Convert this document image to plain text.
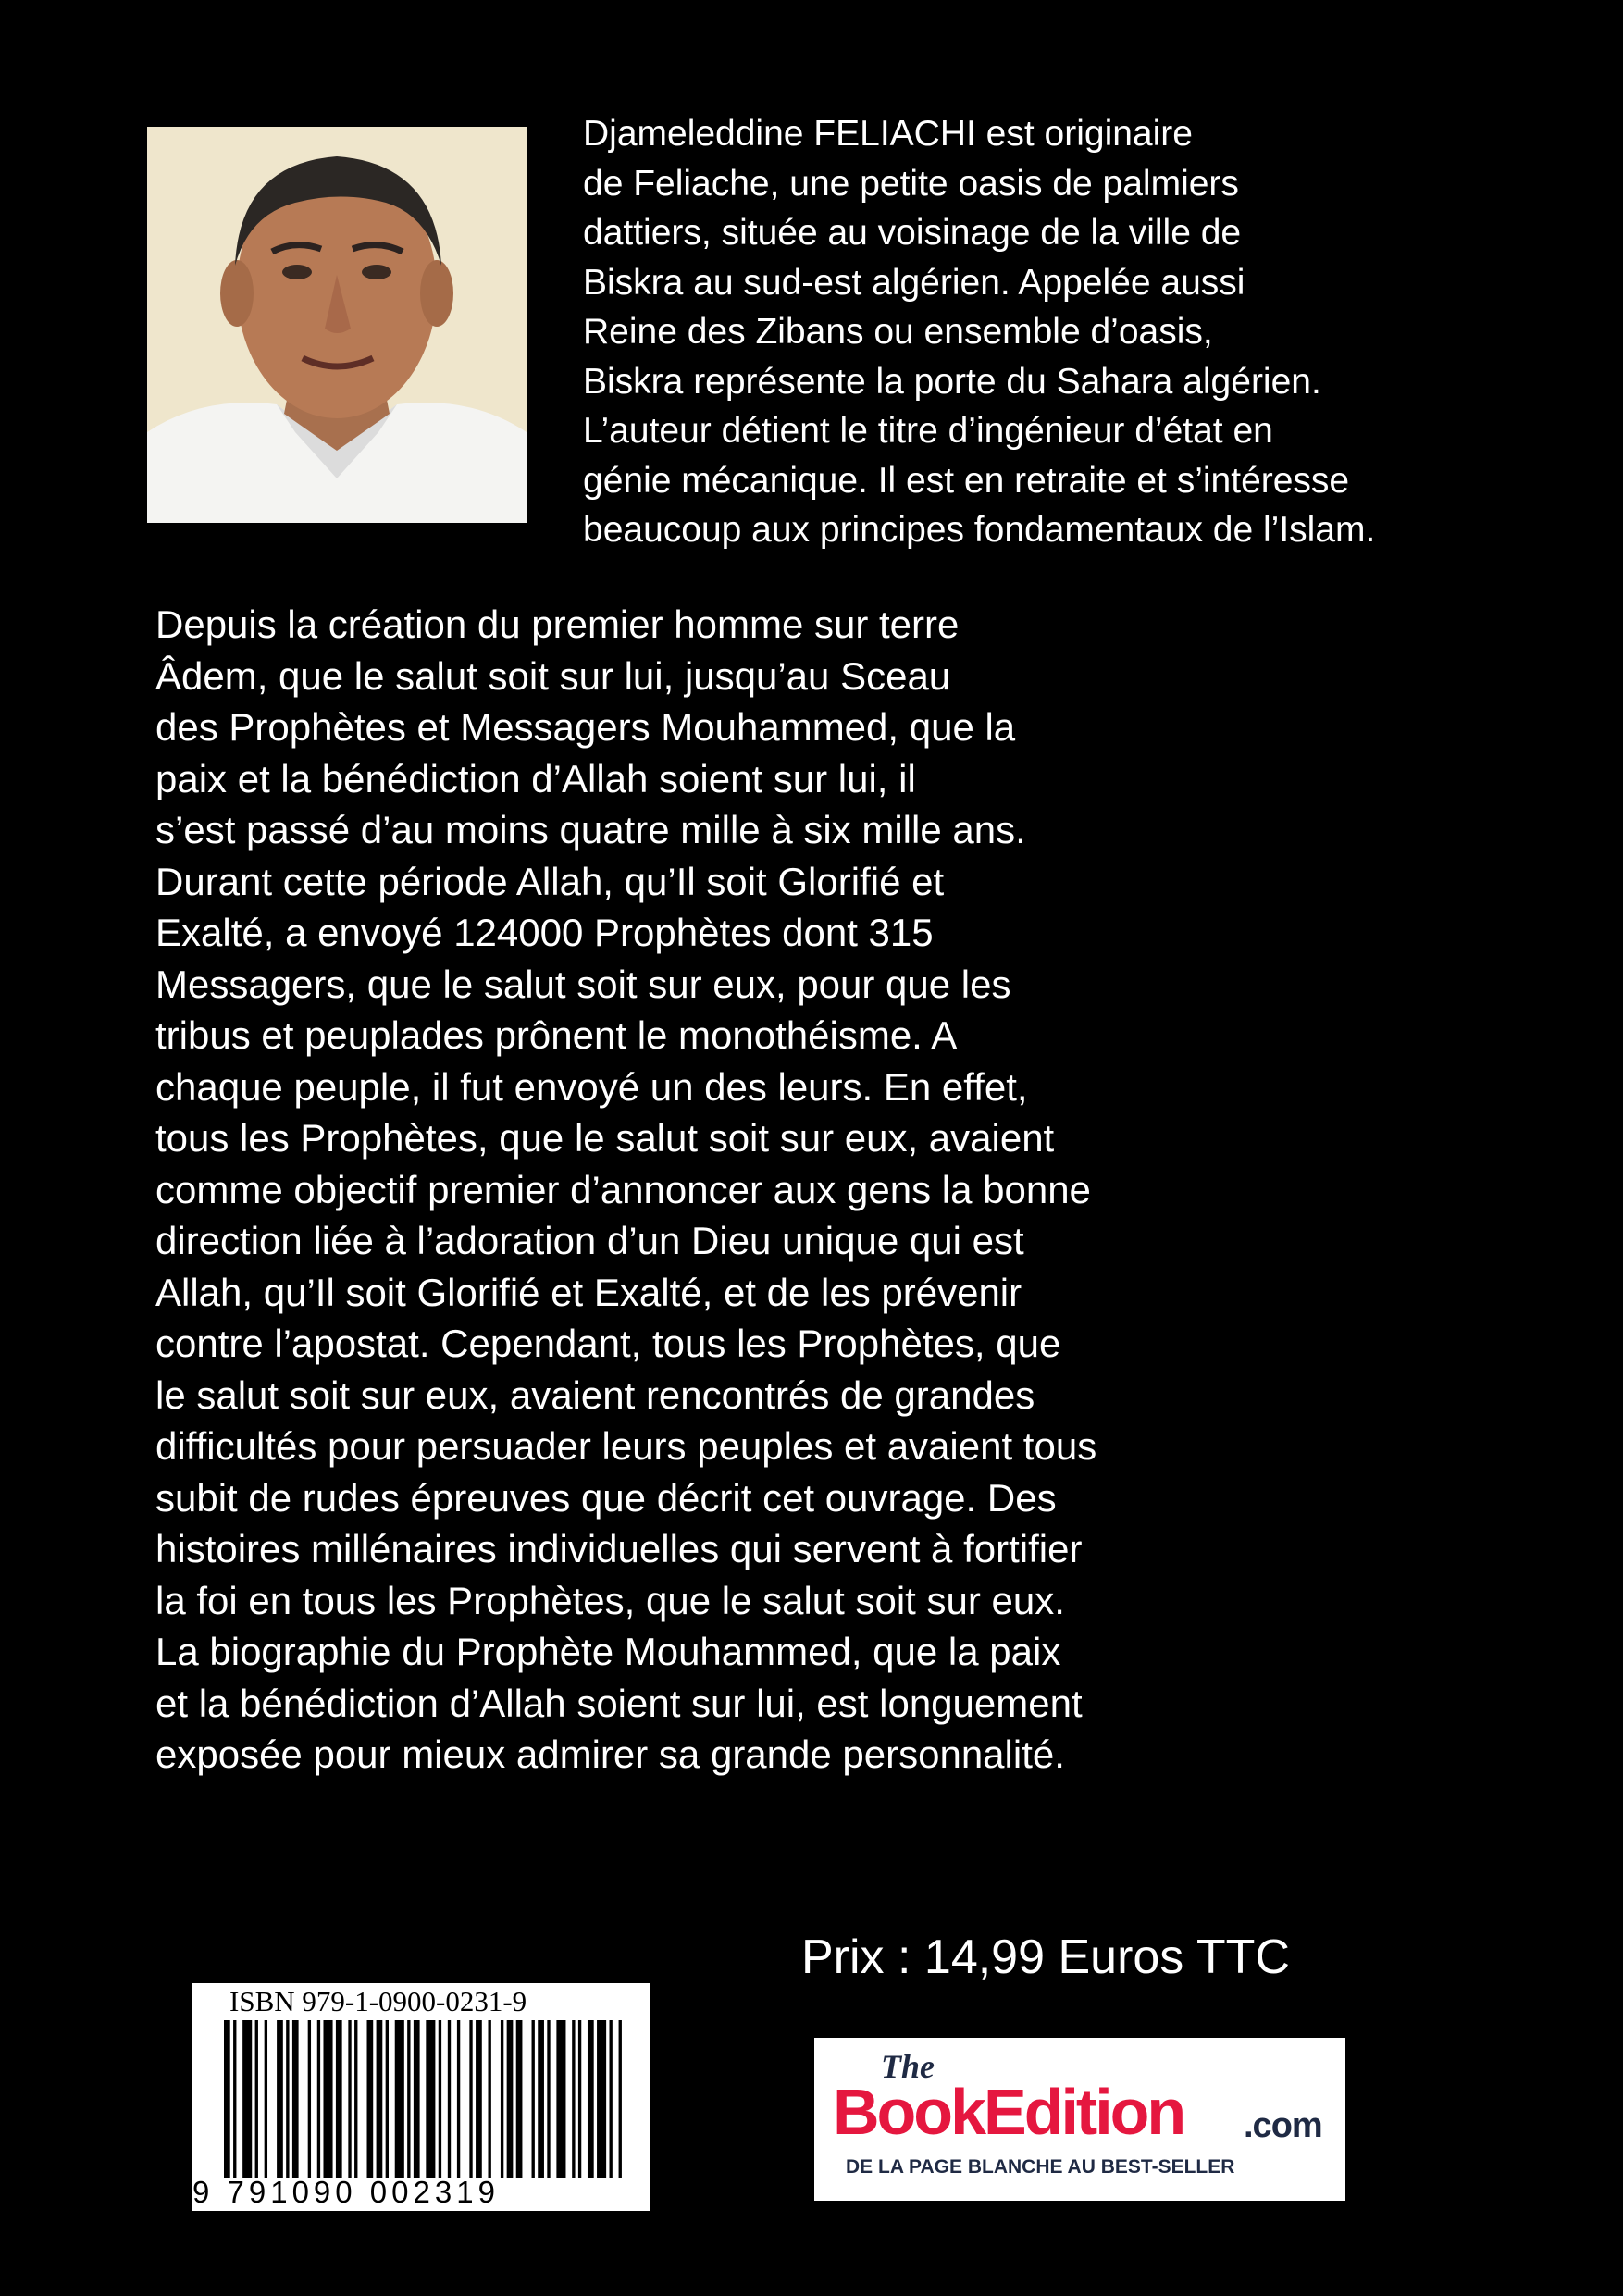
Djameleddine FELIACHI est originaire
de Feliache, une petite oasis de palmiers
dattiers, située au voisinage de la ville de
Biskra au sud-est algérien. Appelée aussi
Reine des Zibans ou ensemble d’oasis,
Biskra représente la porte du Sahara algérien.
L’auteur détient le titre d’ingénieur d’état en
génie mécanique. Il est en retraite et s’intéresse
beaucoup aux principes fondamentaux de l’Islam.
Depuis la création du premier homme sur terre
Âdem, que le salut soit sur lui, jusqu’au Sceau
des Prophètes et Messagers Mouhammed, que la
paix et la bénédiction d’Allah soient sur lui, il
s’est passé d’au moins quatre mille à six mille ans.
Durant cette période Allah, qu’Il soit Glorifié et
Exalté, a envoyé 124000 Prophètes dont 315
Messagers, que le salut soit sur eux, pour que les
tribus et peuplades prônent le monothéisme. A
chaque peuple, il fut envoyé un des leurs. En effet,
tous les Prophètes, que le salut soit sur eux, avaient
comme objectif premier d’annoncer aux gens la bonne
direction liée à l’adoration d’un Dieu unique qui est
Allah, qu’Il soit Glorifié et Exalté, et de les prévenir
contre l’apostat. Cependant, tous les Prophètes, que
le salut soit sur eux, avaient rencontrés de grandes
difficultés pour persuader leurs peuples et avaient tous
subit de rudes épreuves que décrit cet ouvrage. Des
histoires millénaires individuelles qui servent à fortifier
la foi en tous les Prophètes, que le salut soit sur eux.
La biographie du Prophète Mouhammed, que la paix
et la bénédiction d’Allah soient sur lui, est longuement
exposée pour mieux admirer sa grande personnalité.
Prix : 14,99 Euros TTC
ISBN 979-1-0900-0231-9
9 791090 002319
The
BookEdition .com
DE LA PAGE BLANCHE AU BEST-SELLER
